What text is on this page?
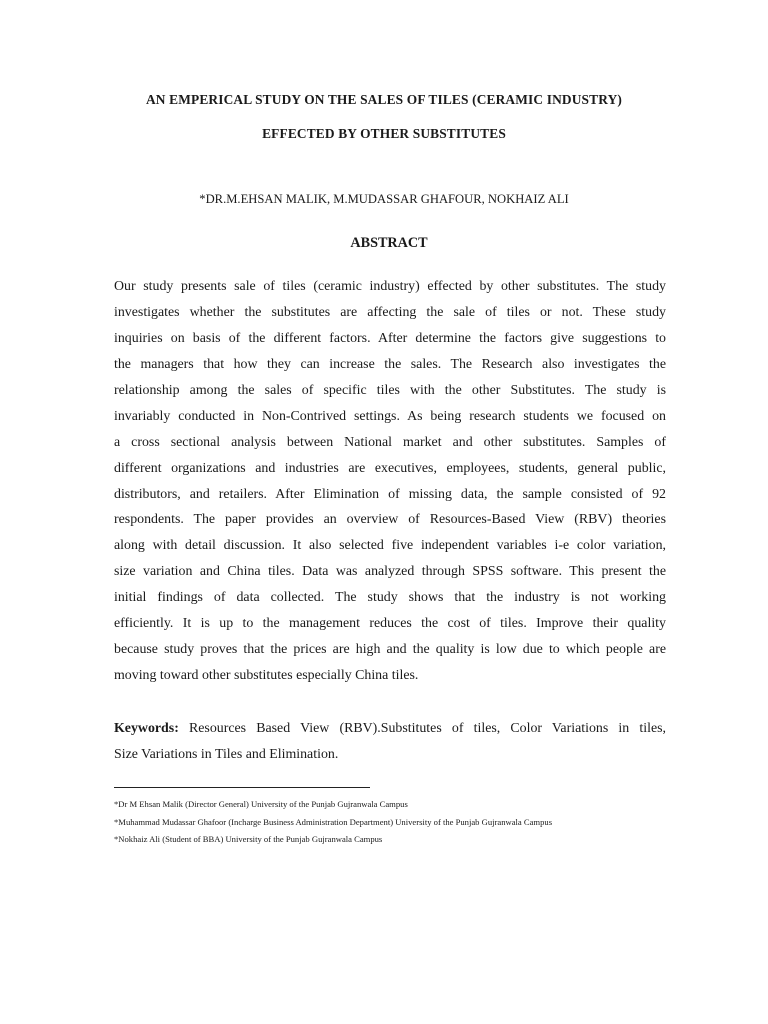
AN EMPERICAL STUDY ON THE SALES OF TILES (CERAMIC INDUSTRY)
EFFECTED BY OTHER SUBSTITUTES
*DR.M.EHSAN MALIK, M.MUDASSAR GHAFOUR, NOKHAIZ ALI
ABSTRACT
Our study presents sale of tiles (ceramic industry) effected by other substitutes. The study
investigates whether the substitutes are affecting the sale of tiles or not. These study
inquiries on basis of the different factors. After determine the factors give suggestions to
the managers that how they can increase the sales. The Research also investigates the
relationship among the sales of specific tiles with the other Substitutes. The study is
invariably conducted in Non-Contrived settings. As being research students we focused on
a cross sectional analysis between National market and other substitutes. Samples of
different organizations and industries are executives, employees, students, general public,
distributors, and retailers. After Elimination of missing data, the sample consisted of 92
respondents. The paper provides an overview of Resources-Based View (RBV) theories
along with detail discussion. It also selected five independent variables i-e color variation,
size variation and China tiles. Data was analyzed through SPSS software. This present the
initial findings of data collected. The study shows that the industry is not working
efficiently. It is up to the management reduces the cost of tiles. Improve their quality
because study proves that the prices are high and the quality is low due to which people are
moving toward other substitutes especially China tiles.
Keywords: Resources Based View (RBV).Substitutes of tiles, Color Variations in tiles,
Size Variations in Tiles and Elimination.
*Dr M Ehsan Malik (Director General) University of the Punjab Gujranwala Campus
*Muhammad Mudassar Ghafoor (Incharge Business Administration Department) University of the Punjab Gujranwala Campus
*Nokhaiz Ali (Student of BBA) University of the Punjab Gujranwala Campus
